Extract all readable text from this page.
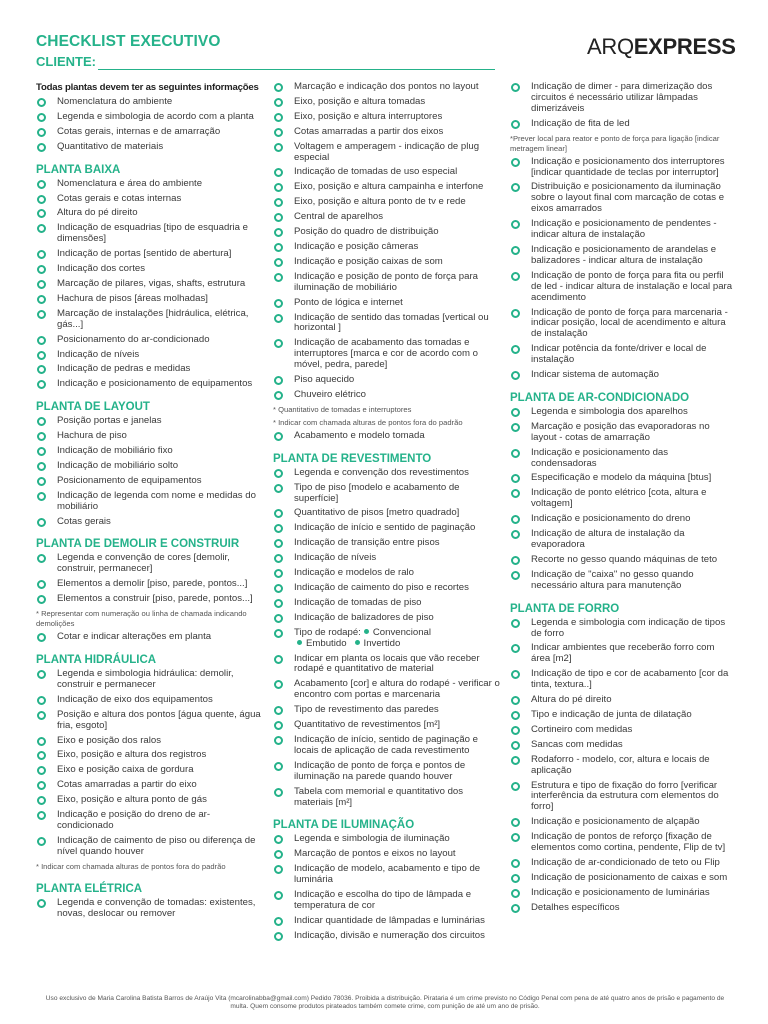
CHECKLIST EXECUTIVO
CLIENTE:
ARQEXPRESS
Todas plantas devem ter as seguintes informações
Nomenclatura do ambiente
Legenda e simbologia de acordo com a planta
Cotas gerais, internas e de amarração
Quantitativo de materiais
PLANTA BAIXA
Nomenclatura e área do ambiente
Cotas gerais e cotas internas
Altura do pé direito
Indicação de esquadrias [tipo de esquadria e dimensões]
Indicação de portas [sentido de abertura]
Indicação dos cortes
Marcação de pilares, vigas, shafts, estrutura
Hachura de pisos [áreas molhadas]
Marcação de instalações [hidráulica, elétrica, gás...]
Posicionamento do ar-condicionado
Indicação de níveis
Indicação de pedras e medidas
Indicação e posicionamento de equipamentos
PLANTA DE LAYOUT
Posição portas e janelas
Hachura de piso
Indicação de mobiliário fixo
Indicação de mobiliário solto
Posicionamento de equipamentos
Indicação de legenda com nome e medidas do mobiliário
Cotas gerais
PLANTA DE DEMOLIR E CONSTRUIR
Legenda e convenção de cores [demolir, construir, permanecer]
Elementos a demolir [piso, parede, pontos...]
Elementos a construir [piso, parede, pontos...]
* Representar com numeração ou linha de chamada indicando demolições
Cotar e indicar alterações em planta
PLANTA HIDRÁULICA
Legenda e simbologia hidráulica: demolir, construir e permanecer
Indicação de eixo dos equipamentos
Posição e altura dos pontos [água quente, água fria, esgoto]
Eixo e posição dos ralos
Eixo, posição e altura dos registros
Eixo e posição caixa de gordura
Cotas amarradas a partir do eixo
Eixo, posição e altura ponto de gás
Indicação e posição do dreno de ar-condicionado
Indicação de caimento de piso ou diferença de nível quando houver
* Indicar com chamada alturas de pontos fora do padrão
PLANTA ELÉTRICA
Legenda e convenção de tomadas: existentes, novas, deslocar ou remover
Marcação e indicação dos pontos no layout
Eixo, posição e altura tomadas
Eixo, posição e altura interruptores
Cotas amarradas a partir dos eixos
Voltagem e amperagem - indicação de plug especial
Indicação de tomadas de uso especial
Eixo, posição e altura campainha e interfone
Eixo, posição e altura ponto de tv e rede
Central de aparelhos
Posição do quadro de distribuição
Indicação e posição câmeras
Indicação e posição caixas de som
Indicação e posição de ponto de força para iluminação de mobiliário
Ponto de lógica e internet
Indicação de sentido das tomadas [vertical ou horizontal ]
Indicação de acabamento das tomadas e interruptores [marca e cor de acordo com o móvel, pedra, parede]
Piso aquecido
Chuveiro elétrico
* Quantitativo de tomadas e interruptores
* Indicar com chamada alturas de pontos fora do padrão
Acabamento e modelo tomada
PLANTA DE REVESTIMENTO
Legenda e convenção dos revestimentos
Tipo de piso [modelo e acabamento de superfície]
Quantitativo de pisos [metro quadrado]
Indicação de início e sentido de paginação
Indicação de transição entre pisos
Indicação de níveis
Indicação e modelos de ralo
Indicação de caimento do piso e recortes
Indicação de tomadas de piso
Indicação de balizadores de piso
Tipo de rodapé: Convencional
Embutido Invertido
Indicar em planta os locais que vão receber rodapé e quantitativo de material
Acabamento [cor] e altura do rodapé - verificar o encontro com portas e marcenaria
Tipo de revestimento das paredes
Quantitativo de revestimentos [m²]
Indicação de início, sentido de paginação e locais de aplicação de cada revestimento
Indicação de ponto de força e pontos de iluminação na parede quando houver
Tabela com memorial e quantitativo dos materiais [m²]
PLANTA DE ILUMINAÇÃO
Legenda e simbologia de iluminação
Marcação de pontos e eixos no layout
Indicação de modelo, acabamento e tipo de luminária
Indicação e escolha do tipo de lâmpada e temperatura de cor
Indicar quantidade de lâmpadas e luminárias
Indicação, divisão e numeração dos circuitos
Indicação de dimer - para dimerização dos circuitos é necessário utilizar lâmpadas dimerizáveis
Indicação de fita de led
*Prever local para reator e ponto de força para ligação [indicar metragem linear]
Indicação e posicionamento dos interruptores [indicar quantidade de teclas por interruptor]
Distribuição e posicionamento da iluminação sobre o layout final com marcação de cotas e eixos amarrados
Indicação e posicionamento de pendentes - indicar altura de instalação
Indicação e posicionamento de arandelas e balizadores - indicar altura de instalação
Indicação de ponto de força para fita ou perfil de led - indicar altura de instalação e local para acendimento
Indicação de ponto de força para marcenaria - indicar posição, local de acendimento e altura de instalação
Indicar potência da fonte/driver e local de instalação
Indicar sistema de automação
PLANTA DE AR-CONDICIONADO
Legenda e simbologia dos aparelhos
Marcação e posição das evaporadoras no layout - cotas de amarração
Indicação e posicionamento das condensadoras
Especificação e modelo da máquina [btus]
Indicação de ponto elétrico [cota, altura e voltagem]
Indicação e posicionamento do dreno
Indicação de altura de instalação da evaporadora
Recorte no gesso quando máquinas de teto
Indicação de "caixa" no gesso quando necessário altura para manutenção
PLANTA DE FORRO
Legenda e simbologia com indicação de tipos de forro
Indicar ambientes que receberão forro com área [m2]
Indicação de tipo e cor de acabamento [cor da tinta, textura..]
Altura do pé direito
Tipo e indicação de junta de dilatação
Cortineiro com medidas
Sancas com medidas
Rodaforro - modelo, cor, altura e locais de aplicação
Estrutura e tipo de fixação do forro [verificar interferência da estrutura com elementos do forro]
Indicação e posicionamento de alçapão
Indicação de pontos de reforço [fixação de elementos como cortina, pendente, Flip de tv]
Indicação de ar-condicionado de teto ou Flip
Indicação de posicionamento de caixas e som
Indicação e posicionamento de luminárias
Detalhes específicos
Uso exclusivo de Maria Carolina Batista Barros de Araújo Vita (mcarolinabba@gmail.com) Pedido 78036. Proibida a distribuição. Pirataria é um crime previsto no Código Penal com pena de até quatro anos de prisão e pagamento de multa. Quem consome produtos pirateados também comete crime, com punição de até um ano de prisão.
